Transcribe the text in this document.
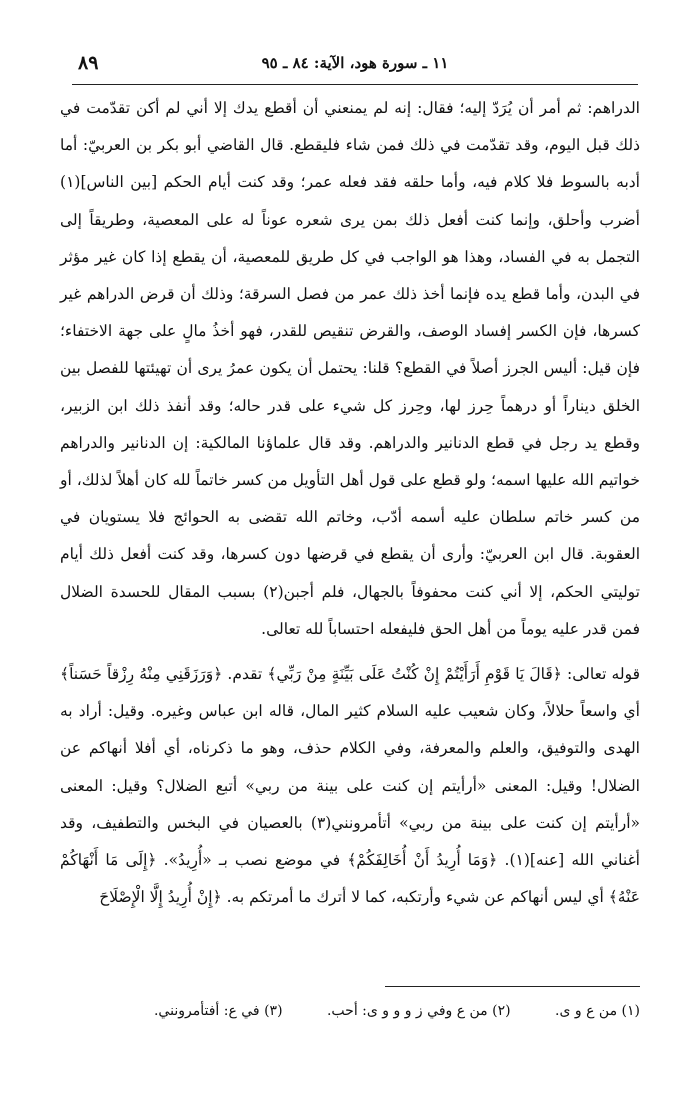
٨٩	١١ ـ سورة هود، الآية: ٨٤ ـ ٩٥

الدراهم: ثم أمر أن يُرَدّ إليه؛ فقال: إنه لم يمنعني أن أقطع يدك إلا أني لم أكن تقدّمت في ذلك قبل اليوم، وقد تقدّمت في ذلك فمن شاء فليقطع. قال القاضي أبو بكر بن العربيّ: أما أدبه بالسوط فلا كلام فيه، وأما حلقه فقد فعله عمر؛ وقد كنت أيام الحكم [بين الناس](١) أضرب وأحلق، وإنما كنت أفعل ذلك بمن يرى شعره عوناً له على المعصية، وطريقاً إلى التجمل به في الفساد، وهذا هو الواجب في كل طريق للمعصية، أن يقطع إذا كان غير مؤثر في البدن، وأما قطع يده فإنما أخذ ذلك عمر من فصل السرقة؛ وذلك أن قرض الدراهم غير كسرها، فإن الكسر إفساد الوصف، والقرض تنقيص للقدر، فهو أخذُ مالٍ على جهة الاختفاء؛ فإن قيل: أليس الجرز أصلاً في القطع؟ قلنا: يحتمل أن يكون عمرُ يرى أن تهيئتها للفصل بين الخلق ديناراً أو درهماً حِرز لها، وحِرز كل شيء على قدر حاله؛ وقد أنفذ ذلك ابن الزبير، وقطع يد رجل في قطع الدنانير والدراهم. وقد قال علماؤنا المالكية: إن الدنانير والدراهم خواتيم الله عليها اسمه؛ ولو قطع على قول أهل التأويل من كسر خاتماً لله كان أهلاً لذلك، أو من كسر خاتم سلطان عليه أسمه أدّب، وخاتم الله تقضى به الحوائج فلا يستويان في العقوبة. قال ابن العربيّ: وأرى أن يقطع في قرضها دون كسرها، وقد كنت أفعل ذلك أيام توليتي الحكم، إلا أني كنت محفوفاً بالجهال، فلم أجبن(٢) بسبب المقال للحسدة الضلال فمن قدر عليه يوماً من أهل الحق فليفعله احتساباً لله تعالى.

قوله تعالى: ﴿قَالَ يَا قَوْمِ أَرَأَيْتُمْ إِنْ كُنْتُ عَلَى بَيِّنَةٍ مِنْ رَبِّي﴾ تقدم. ﴿وَرَزَقَنِي مِنْهُ رِزْقاً حَسَناً﴾ أي واسعاً حلالاً، وكان شعيب عليه السلام كثير المال، قاله ابن عباس وغيره. وقيل: أراد به الهدى والتوفيق، والعلم والمعرفة، وفي الكلام حذف، وهو ما ذكرناه، أي أفلا أنهاكم عن الضلال! وقيل: المعنى «أرأيتم إن كنت على بينة من ربي» أتبع الضلال؟ وقيل: المعنى «أرأيتم إن كنت على بينة من ربي» أتأمرونني(٣) بالعصيان في البخس والتطفيف، وقد أغناني الله [عنه](١). ﴿وَمَا أُرِيدُ أَنْ أُخَالِفَكُمْ﴾ في موضع نصب بـ «أُرِيدُ». ﴿إِلَى مَا أَنْهَاكُمْ عَنْهُ﴾ أي ليس أنهاكم عن شيء وأرتكبه، كما لا أترك ما أمرتكم به. ﴿إِنْ أُرِيدُ إِلَّا الْإِصْلَاحَ

(١) من ع و ى. (٢) من ع وفي ز و و و ى: أحب. (٣) في ع: أفتأمرونني.
